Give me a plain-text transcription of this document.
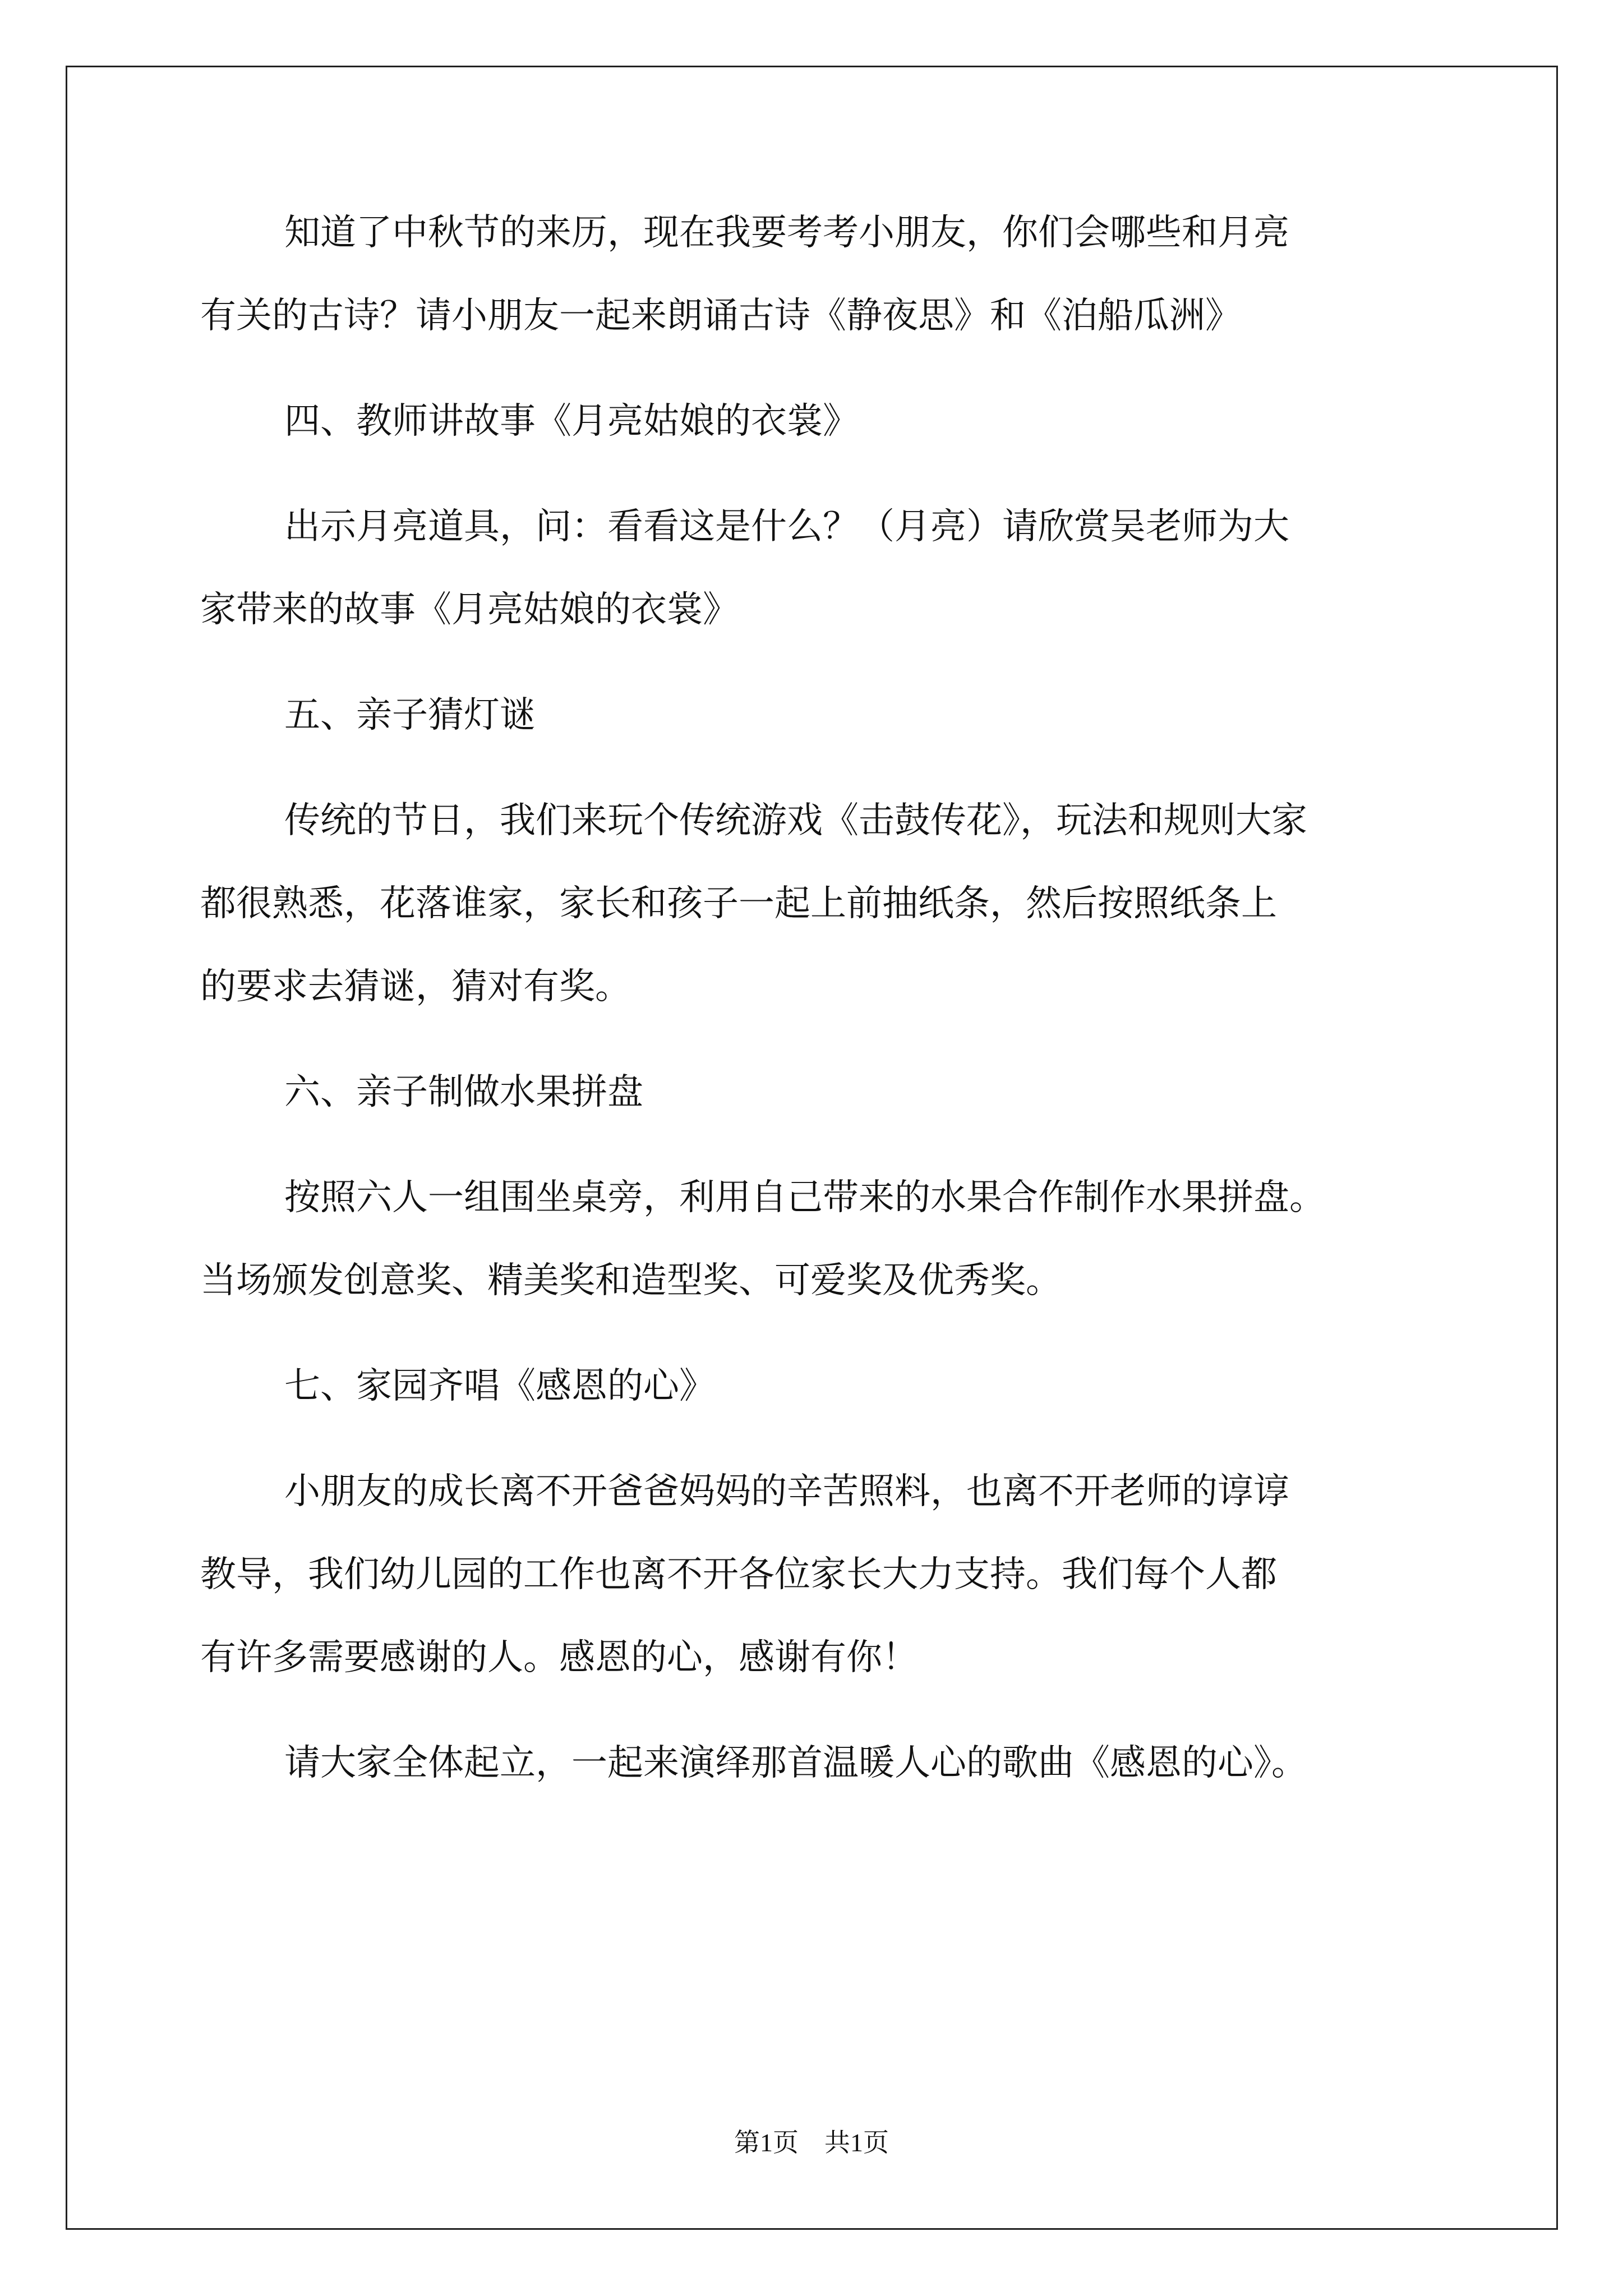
知道了中秋节的来历，现在我要考考小朋友，你们会哪些和月亮
有关的古诗？请小朋友一起来朗诵古诗《静夜思》和《泊船瓜洲》
四、教师讲故事《月亮姑娘的衣裳》
出示月亮道具，问：看看这是什么？（月亮）请欣赏吴老师为大
家带来的故事《月亮姑娘的衣裳》
五、亲子猜灯谜
传统的节日，我们来玩个传统游戏《击鼓传花》，玩法和规则大家
都很熟悉，花落谁家，家长和孩子一起上前抽纸条，然后按照纸条上
的要求去猜谜，猜对有奖。
六、亲子制做水果拼盘
按照六人一组围坐桌旁，利用自己带来的水果合作制作水果拼盘。
当场颁发创意奖、精美奖和造型奖、可爱奖及优秀奖。
七、家园齐唱《感恩的心》
小朋友的成长离不开爸爸妈妈的辛苦照料，也离不开老师的谆谆
教导，我们幼儿园的工作也离不开各位家长大力支持。我们每个人都
有许多需要感谢的人。感恩的心，感谢有你！
请大家全体起立，一起来演绎那首温暖人心的歌曲《感恩的心》。
第1页　共1页
